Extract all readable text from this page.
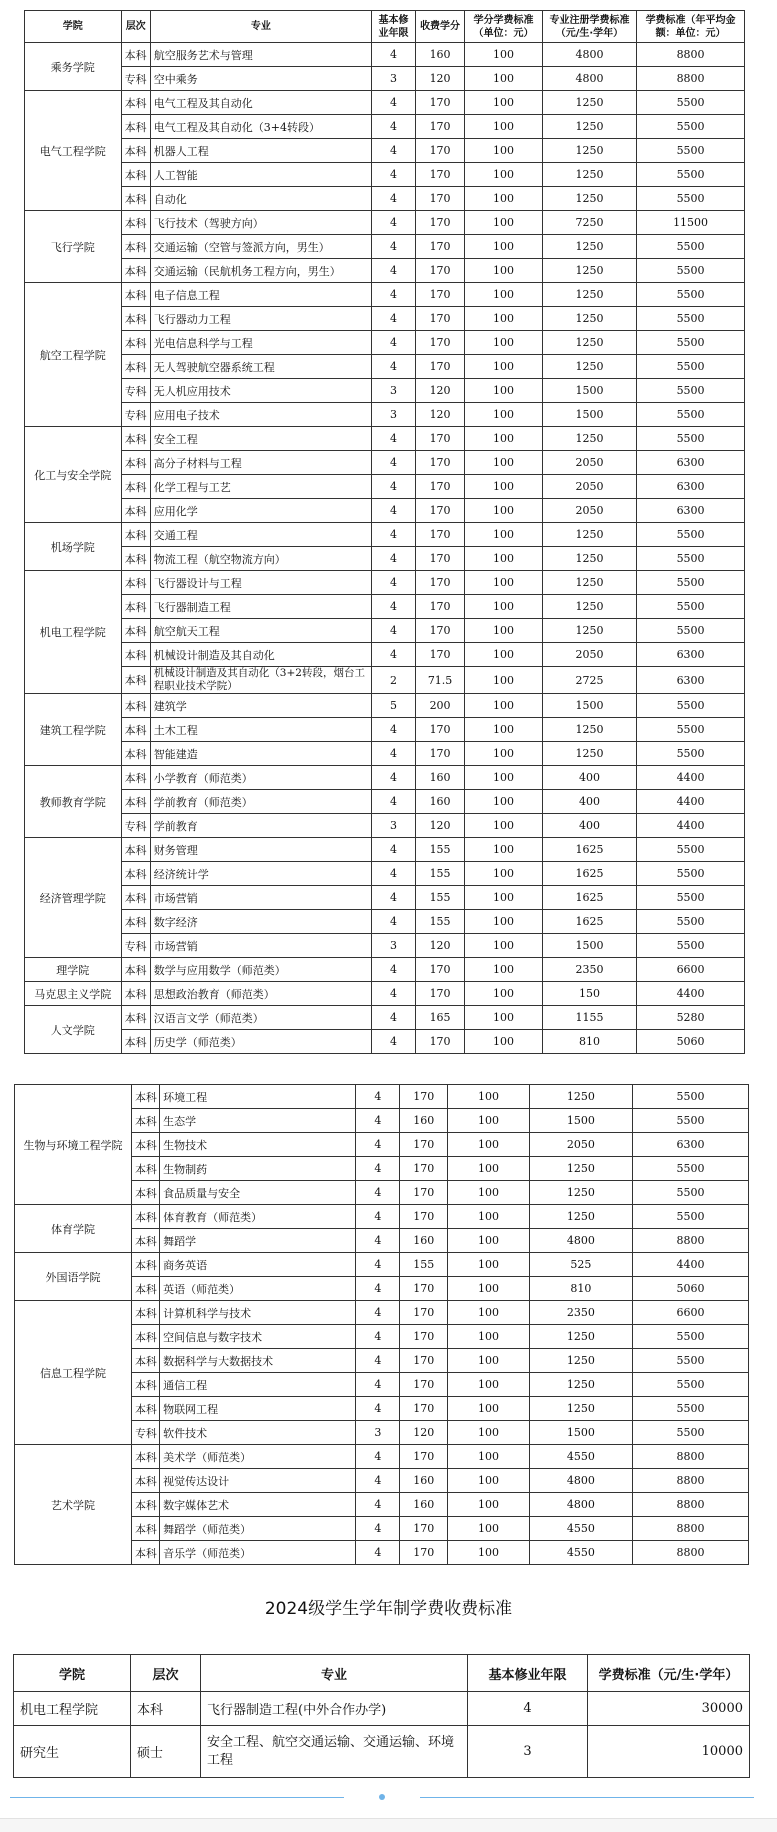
学院	层次	专业	基本修业年限	收费学分	学分学费标准（单位：元）	专业注册学费标准（元/生·学年）	学费标准（年平均金额：单位：元）
乘务学院	本科	航空服务艺术与管理	4	160	100	4800	8800
	专科	空中乘务	3	120	100	4800	8800
电气工程学院	本科	电气工程及其自动化	4	170	100	1250	5500
	本科	电气工程及其自动化（3+4转段）	4	170	100	1250	5500
	本科	机器人工程	4	170	100	1250	5500
	本科	人工智能	4	170	100	1250	5500
	本科	自动化	4	170	100	1250	5500
飞行学院	本科	飞行技术（驾驶方向）	4	170	100	7250	11500
	本科	交通运输（空管与签派方向，男生）	4	170	100	1250	5500
	本科	交通运输（民航机务工程方向，男生）	4	170	100	1250	5500
航空工程学院	本科	电子信息工程	4	170	100	1250	5500
	本科	飞行器动力工程	4	170	100	1250	5500
	本科	光电信息科学与工程	4	170	100	1250	5500
	本科	无人驾驶航空器系统工程	4	170	100	1250	5500
	专科	无人机应用技术	3	120	100	1500	5500
	专科	应用电子技术	3	120	100	1500	5500
化工与安全学院	本科	安全工程	4	170	100	1250	5500
	本科	高分子材料与工程	4	170	100	2050	6300
	本科	化学工程与工艺	4	170	100	2050	6300
	本科	应用化学	4	170	100	2050	6300
机场学院	本科	交通工程	4	170	100	1250	5500
	本科	物流工程（航空物流方向）	4	170	100	1250	5500
机电工程学院	本科	飞行器设计与工程	4	170	100	1250	5500
	本科	飞行器制造工程	4	170	100	1250	5500
	本科	航空航天工程	4	170	100	1250	5500
	本科	机械设计制造及其自动化	4	170	100	2050	6300
	本科	机械设计制造及其自动化（3+2转段，烟台工程职业技术学院）	2	71.5	100	2725	6300
建筑工程学院	本科	建筑学	5	200	100	1500	5500
	本科	土木工程	4	170	100	1250	5500
	本科	智能建造	4	170	100	1250	5500
教师教育学院	本科	小学教育（师范类）	4	160	100	400	4400
	本科	学前教育（师范类）	4	160	100	400	4400
	专科	学前教育	3	120	100	400	4400
经济管理学院	本科	财务管理	4	155	100	1625	5500
	本科	经济统计学	4	155	100	1625	5500
	本科	市场营销	4	155	100	1625	5500
	本科	数字经济	4	155	100	1625	5500
	专科	市场营销	3	120	100	1500	5500
理学院	本科	数学与应用数学（师范类）	4	170	100	2350	6600
马克思主义学院	本科	思想政治教育（师范类）	4	170	100	150	4400
人文学院	本科	汉语言文学（师范类）	4	165	100	1155	5280
	本科	历史学（师范类）	4	170	100	810	5060
生物与环境工程学院	本科	环境工程	4	170	100	1250	5500
	本科	生态学	4	160	100	1500	5500
	本科	生物技术	4	170	100	2050	6300
	本科	生物制药	4	170	100	1250	5500
	本科	食品质量与安全	4	170	100	1250	5500
体育学院	本科	体育教育（师范类）	4	170	100	1250	5500
	本科	舞蹈学	4	160	100	4800	8800
外国语学院	本科	商务英语	4	155	100	525	4400
	本科	英语（师范类）	4	170	100	810	5060
信息工程学院	本科	计算机科学与技术	4	170	100	2350	6600
	本科	空间信息与数字技术	4	170	100	1250	5500
	本科	数据科学与大数据技术	4	170	100	1250	5500
	本科	通信工程	4	170	100	1250	5500
	本科	物联网工程	4	170	100	1250	5500
	专科	软件技术	3	120	100	1500	5500
艺术学院	本科	美术学（师范类）	4	170	100	4550	8800
	本科	视觉传达设计	4	160	100	4800	8800
	本科	数字媒体艺术	4	160	100	4800	8800
	本科	舞蹈学（师范类）	4	170	100	4550	8800
	本科	音乐学（师范类）	4	170	100	4550	8800
2024级学生学年制学费收费标准
学院	层次	专业	基本修业年限	学费标准（元/生·学年）
机电工程学院	本科	飞行器制造工程(中外合作办学)	4	30000
研究生	硕士	安全工程、航空交通运输、交通运输、环境工程	3	10000
